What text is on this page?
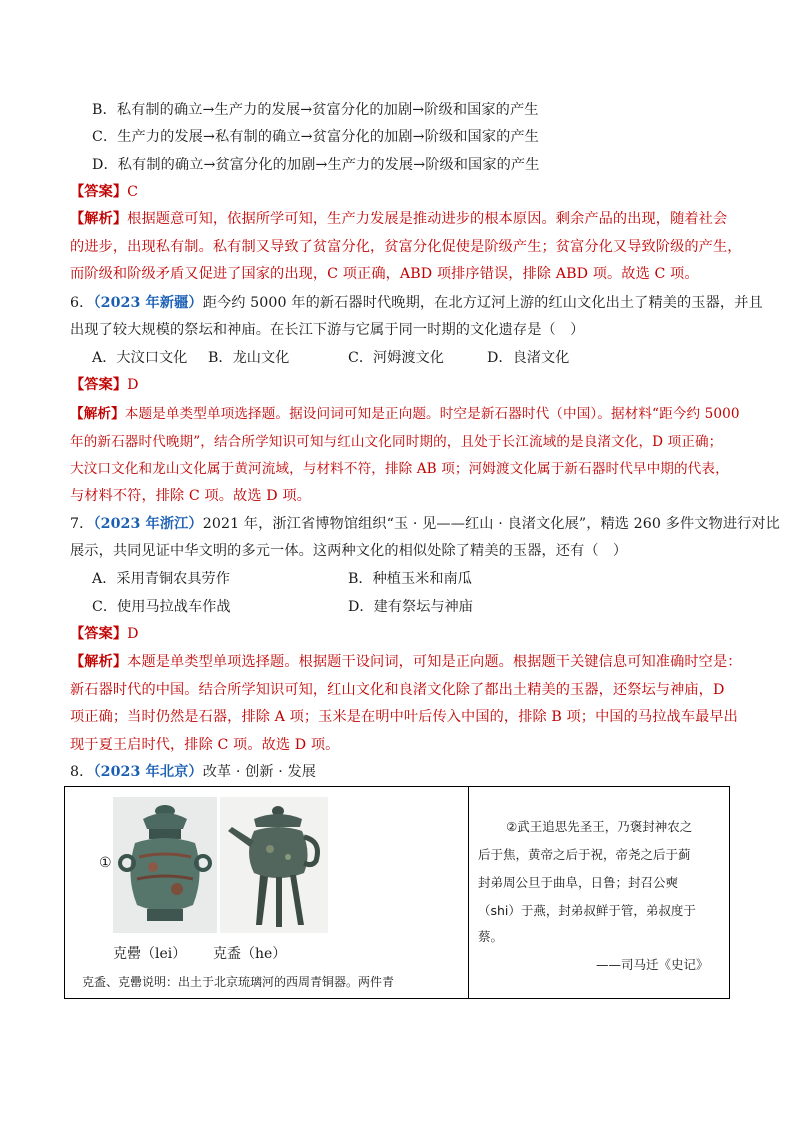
B．私有制的确立→生产力的发展→贫富分化的加剧→阶级和国家的产生
C．生产力的发展→私有制的确立→贫富分化的加剧→阶级和国家的产生
D．私有制的确立→贫富分化的加剧→生产力的发展→阶级和国家的产生
【答案】C
【解析】根据题意可知，依据所学可知，生产力发展是推动进步的根本原因。剩余产品的出现，随着社会
的进步，出现私有制。私有制又导致了贫富分化，贫富分化促使是阶级产生；贫富分化又导致阶级的产生，
而阶级和阶级矛盾又促进了国家的出现，C 项正确，ABD 项排序错误，排除 ABD 项。故选 C 项。
6．（2023 年新疆）距今约 5000 年的新石器时代晚期，在北方辽河上游的红山文化出土了精美的玉器，并且
出现了较大规模的祭坛和神庙。在长江下游与它属于同一时期的文化遗存是（　）
A．大汶口文化 B．龙山文化	C．河姆渡文化	D．良渚文化
【答案】D
【解析】本题是单类型单项选择题。据设问词可知是正向题。时空是新石器时代（中国）。据材料“距今约 5000
年的新石器时代晚期”，结合所学知识可知与红山文化同时期的，且处于长江流域的是良渚文化，D 项正确；
大汶口文化和龙山文化属于黄河流域，与材料不符，排除 AB 项；河姆渡文化属于新石器时代早中期的代表，
与材料不符，排除 C 项。故选 D 项。
7．（2023 年浙江）2021 年，浙江省博物馆组织“玉 · 见——红山 · 良渚文化展”，精选 260 多件文物进行对比
展示，共同见证中华文明的多元一体。这两种文化的相似处除了精美的玉器，还有（　）
A．采用青铜农具劳作	B．种植玉米和南瓜
C．使用马拉战车作战	D．建有祭坛与神庙
【答案】D
【解析】本题是单类型单项选择题。根据题干设问词，可知是正向题。根据题干关键信息可知准确时空是：
新石器时代的中国。结合所学知识可知，红山文化和良渚文化除了都出土精美的玉器，还祭坛与神庙，D
项正确；当时仍然是石器，排除 A 项；玉米是在明中叶后传入中国的，排除 B 项；中国的马拉战车最早出
现于夏王启时代，排除 C 项。故选 D 项。
8．（2023 年北京）改革 · 创新 · 发展
①
克罍（lei） 克盉（he）
克盉、克罍说明：出土于北京琉璃河的西周青铜器。两件青
②武王追思先圣王，乃褒封神农之
后于焦，黄帝之后于祝，帝尧之后于蓟
封弟周公旦于曲阜，日鲁；封召公奭
（shi）于燕，封弟叔鲜于管，弟叔度于
蔡。
——司马迁《史记》
